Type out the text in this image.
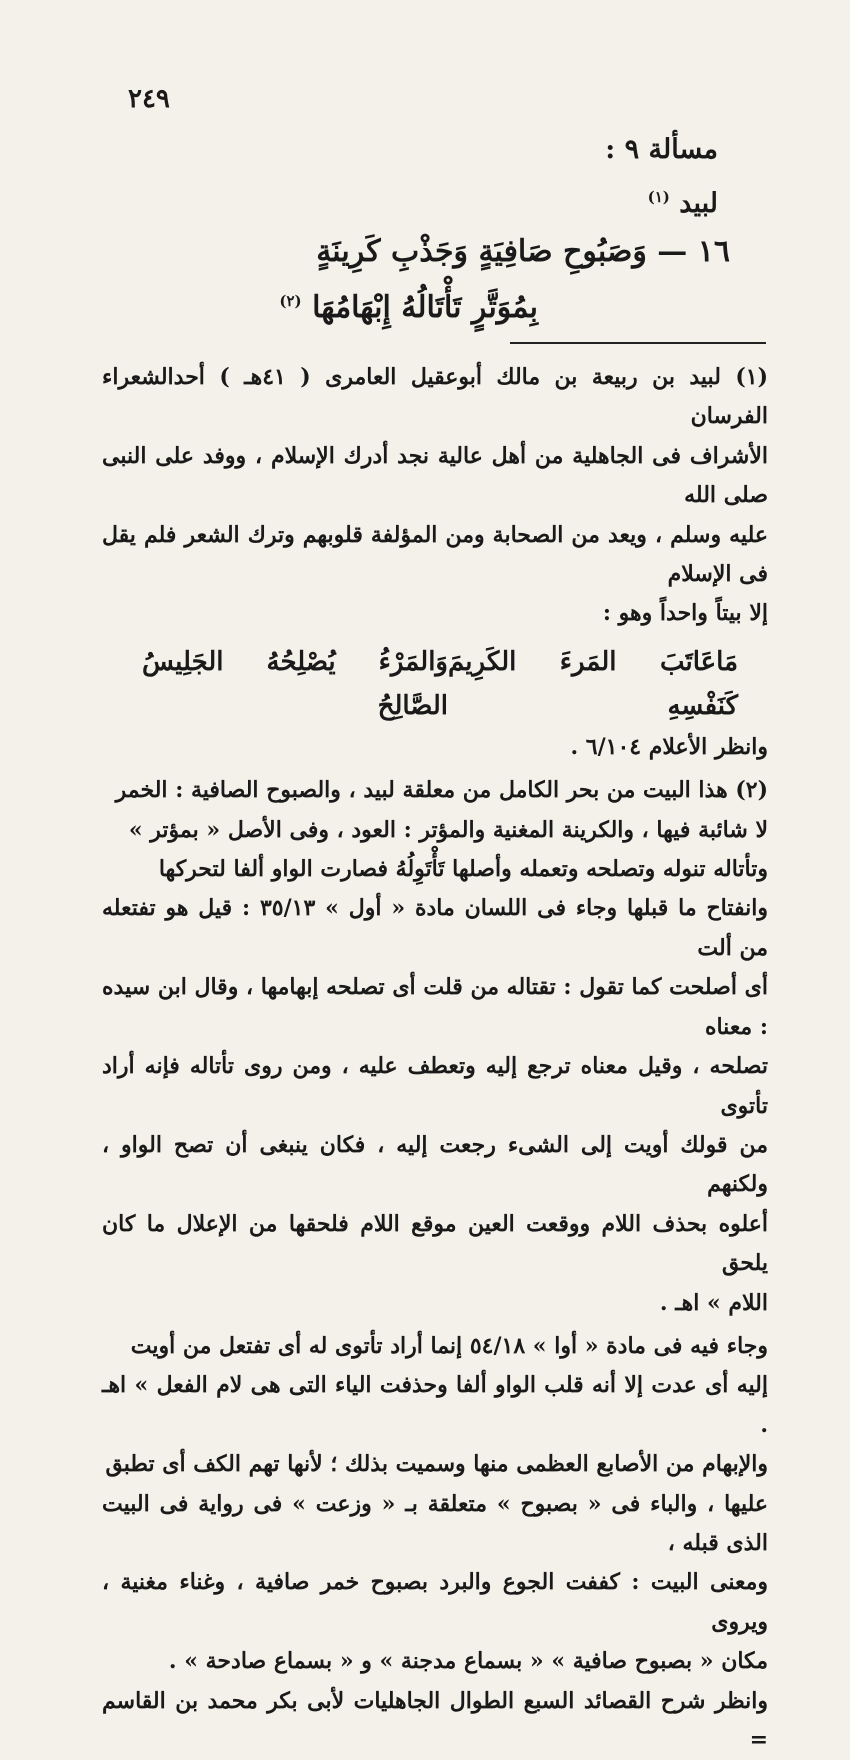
٢٤٩
مسألة ٩ :
لبيد $^{(١)}$
١٦ — وَصَبُوحِ صَافِيَةٍ وَجَذْبِ كَرِينَةٍ
بِمُوَتَّرٍ تَأْتَالُهُ إِبْهَامُهَا $^{(٢)}$

(١) لبيد بن ربيعة بن مالك أبوعقيل العامرى ( ٤١هـ ) أحدالشعراء الفرسان

الأشراف فى الجاهلية من أهل عالية نجد أدرك الإسلام ، ووفد على النبى صلى الله

عليه وسلم ، ويعد من الصحابة ومن المؤلفة قلوبهم وترك الشعر فلم يقل فى الإسلام

إلا بيتاً واحداً وهو :

مَاعَاتَبَ المَرءَ الكَرِيمَ كَنَفْسِهِ
وَالمَرْءُ يُصْلِحُهُ الجَلِيسُ الصَّالِحُ

وانظر الأعلام ٦/١٠٤ .

(٢) هذا البيت من بحر الكامل من معلقة لبيد ، والصبوح الصافية : الخمر

لا شائبة فيها ، والكرينة المغنية والمؤتر : العود ، وفى الأصل « بمؤتر »

وتأتاله تنوله وتصلحه وتعمله وأصلها تَأْتَوِلُهُ فصارت الواو ألفا لتحركها

وانفتاح ما قبلها وجاء فى اللسان مادة « أول » ٣٥/١٣ : قيل هو تفتعله من ألت

أى أصلحت كما تقول : تقتاله من قلت أى تصلحه إبهامها ، وقال ابن سيده : معناه

تصلحه ، وقيل معناه ترجع إليه وتعطف عليه ، ومن روى تأتاله فإنه أراد تأتوى

من قولك أويت إلى الشىء رجعت إليه ، فكان ينبغى أن تصح الواو ، ولكنهم

أعلوه بحذف اللام ووقعت العين موقع اللام فلحقها من الإعلال ما كان يلحق

اللام » اهـ .

وجاء فيه فى مادة « أوا » ٥٤/١٨ إنما أراد تأتوى له أى تفتعل من أويت

إليه أى عدت إلا أنه قلب الواو ألفا وحذفت الياء التى هى لام الفعل » اهـ .

والإبهام من الأصابع العظمى منها وسميت بذلك ؛ لأنها تهم الكف أى تطبق

عليها ، والباء فى « بصبوح » متعلقة بـ « وزعت » فى رواية فى البيت الذى قبله ،

ومعنى البيت : كففت الجوع والبرد بصبوح خمر صافية ، وغناء مغنية ، ويروى

مكان « بصبوح صافية » « بسماع مدجنة » و « بسماع صادحة » .

وانظر شرح القصائد السبع الطوال الجاهليات لأبى بكر محمد بن القاسم =
